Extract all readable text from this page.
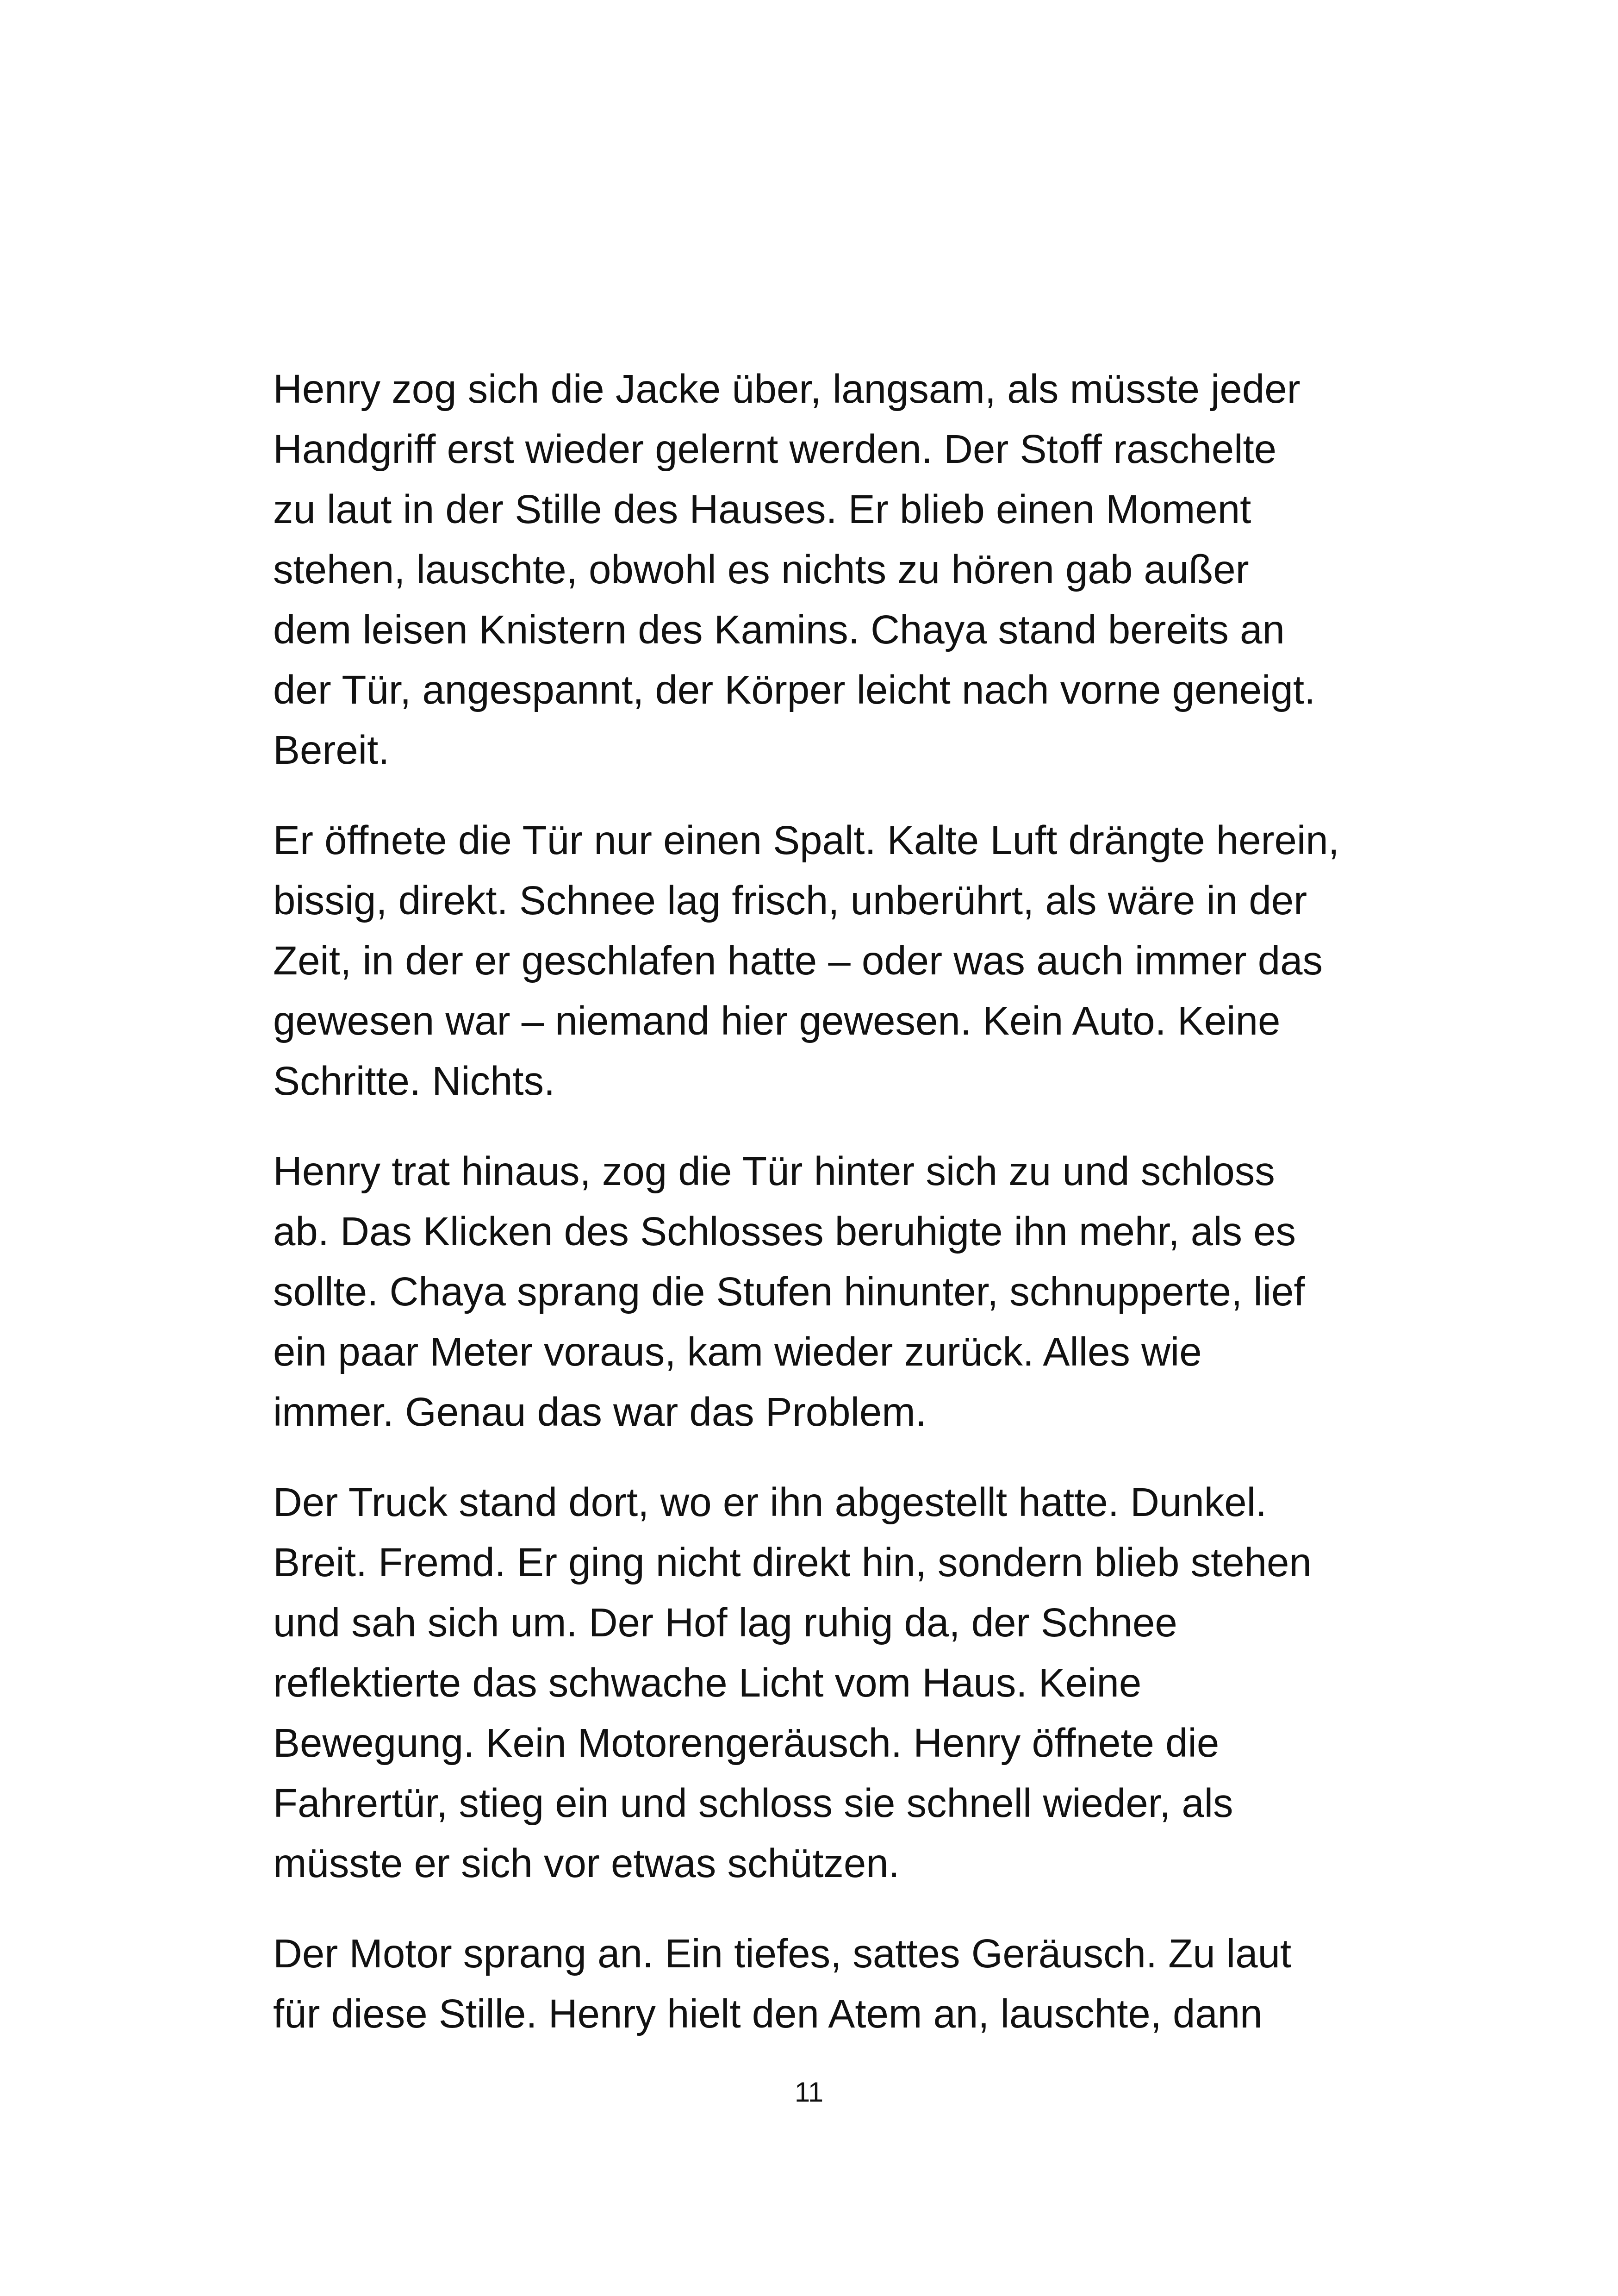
Henry zog sich die Jacke über, langsam, als müsste jeder
Handgriff erst wieder gelernt werden. Der Stoff raschelte
zu laut in der Stille des Hauses. Er blieb einen Moment
stehen, lauschte, obwohl es nichts zu hören gab außer
dem leisen Knistern des Kamins. Chaya stand bereits an
der Tür, angespannt, der Körper leicht nach vorne geneigt.
Bereit.

Er öffnete die Tür nur einen Spalt. Kalte Luft drängte herein,
bissig, direkt. Schnee lag frisch, unberührt, als wäre in der
Zeit, in der er geschlafen hatte – oder was auch immer das
gewesen war – niemand hier gewesen. Kein Auto. Keine
Schritte. Nichts.

Henry trat hinaus, zog die Tür hinter sich zu und schloss
ab. Das Klicken des Schlosses beruhigte ihn mehr, als es
sollte. Chaya sprang die Stufen hinunter, schnupperte, lief
ein paar Meter voraus, kam wieder zurück. Alles wie
immer. Genau das war das Problem.

Der Truck stand dort, wo er ihn abgestellt hatte. Dunkel.
Breit. Fremd. Er ging nicht direkt hin, sondern blieb stehen
und sah sich um. Der Hof lag ruhig da, der Schnee
reflektierte das schwache Licht vom Haus. Keine
Bewegung. Kein Motorengeräusch. Henry öffnete die
Fahrertür, stieg ein und schloss sie schnell wieder, als
müsste er sich vor etwas schützen.

Der Motor sprang an. Ein tiefes, sattes Geräusch. Zu laut
für diese Stille. Henry hielt den Atem an, lauschte, dann

11
